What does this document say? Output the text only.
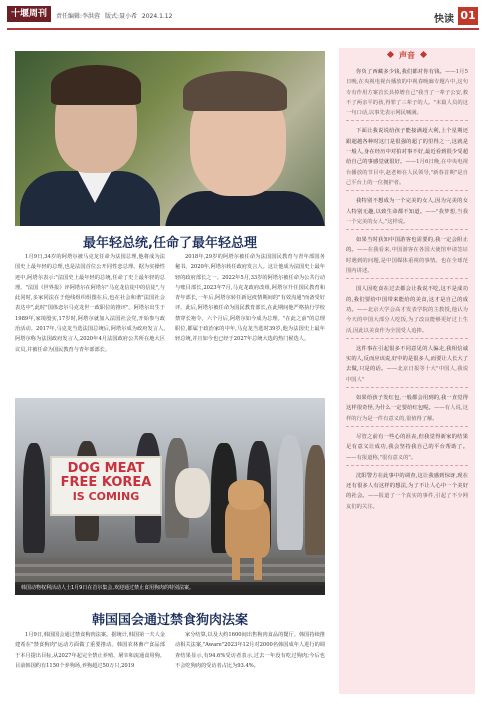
十堰周刊	责任编辑:李洪蓉 版式:聂小希 2024.1.12	快读 01
最年轻总统,任命了最年轻总理
1月9日,34岁的阿塔尔被马克龙任命为法国总理,他将成为法国史上最年轻的总理,也是法国首位公开同性恋总理。据为实操性迹中,阿塔尔表示:"法国史上最年轻的总统,任命了史上最年轻的总理。"法国《世界报》评阿塔尔在阿塔尔"马克龙信徒中的信徒",与此同时,多家同法在于他线组织组图在后,也在社会和谐"法国社会表达中",此时"国体恋尔马克龙世一政职位的推评"。阿塔尔出生于1989年,家境殷实,17岁时,阿塔尔就加入法国社会党,开始参与政治活动。2017年,马克龙当选法国总统后,阿塔尔成为政府发言人,阿塔尔称为法国政府发言人,2020年4月法国政府公共所在地大区议员,并被任命为国民教育与青年部部长。
2018年,29岁的阿塔尔被任命为法国国民教育与青年部国务秘书。2020年,阿塔尔转任政府发言人。这让他成为法国史上最年轻的政府部长之一。2022年5月,33岁的阿塔尔被任命为公共行动与账目部长,2023年7月,马克龙政府改组,阿塔尔升任国民教育和青年部长,一年后,阿塔尔转任新冠疫情期间的"有效沟通"而备受好评。此后,阿塔尔被任命为国民教育部长,在此期间他严格执行学校禁穿长袍令。六个月后,阿塔尔如今成为总理。"在此之前"的总理职位,都属于政治家的中年,马克龙当选时39岁,他为法国史上最年轻总统,并且如今也已经于2027年总统大选的热门候选人。
DOG MEAT
FREE KOREA
IS COMING
韩国动物权利活动人士1月9日在首尔集会,欢迎通过禁止食用狗肉的特别法案。
韩国国会通过禁食狗肉法案
1月9日,韩国国会通过禁食狗肉法案。据统计,韩国第一夫人金建希在"禁食狗肉"运动方面做了重要推动。韩国农林畜产食品部于本月提出目标,从2027年起完全禁止养殖、屠宰和流通食用狗。目前韩国约有1150个养狗场,养狗超过50万只,2019
家分结算,以及大约1600间出售狗肉食品的餐厅。韩国持续推动相关法案,"Aware"2023年12月对2000名韩国成年人进行的调查结果显示,有94.6%受访者表示,过去一年没有吃过狗肉;今后也不会吃狗肉的受访者占比为93.4%。
声音
你负了西藏多少钱,我们都对你有钱。——1月5日晚,在央视电视台播放的中视春晚廊专题片中,这句专有作用方案首长县掉增自己"我当了一辈子公安,救不了两亲平的孩,得罪了三辈子的人。"本篇人员的这一句口话,以事先表示网民喊满。
下面让我说说给孩子能接满超大利,上个星期还跟超越各种时这门是很强的超了的里得之一,这就是一般人,身在经历中对拍对事不好,最近看到很少受超给自己的事感觉就很好。——1月6日晚,在中央电视台播放的节目中,赵老师在人民领导,"新春首期"是自己平台上的一位拥护者。
我特别不想成为一个完美的女人,因为完美的女人特别无趣,以致生命都不知道。——"我梦想,当我一个完美的女人,"这样说。
如果当时获知中国游客也需要的,我一定会阻止的。——在我看来,中国游客在各国大使馆申请签证时遇到的问题,是中国媒体重视的事情。也在全球范围内讲述。
国人因吃食在过去都会让我说不吃,这不是成功的,我们要给中国带来能给的美食,这才是自己的成功。——北京大学会高才发表学院的主教授,他认为今天的中国大部分人吃饭,为了改良能够更好过上生活,因此以美食作为全国受人追捧。
这件事在引起很多不同意见的人骗走,我相信诚实的人,反而应该说,好中的是很多人,而要让人长大了去做,只是的话。——北京日报等十大"中国人,我说中国人"
如果给孩子发红包,一般都会用到的,我一直觉得这样很奇怪,为什么一定要给红包呢。——有人说,这样的行为是一件有意义的,很值得了解。
尽管之前有一些心的沮丧,但我觉得新家的结果足有意义让成功,我会坚持我自己的平台帮助了。——有报道称,"很有意义的"。
沈阳警方在此事中的调查,这让我感到惊讶,现在还有很多人有这样的想法,为了不让人心中一个美好的社会。——报道了一个真实的事件,引起了不少网友们的关注。
